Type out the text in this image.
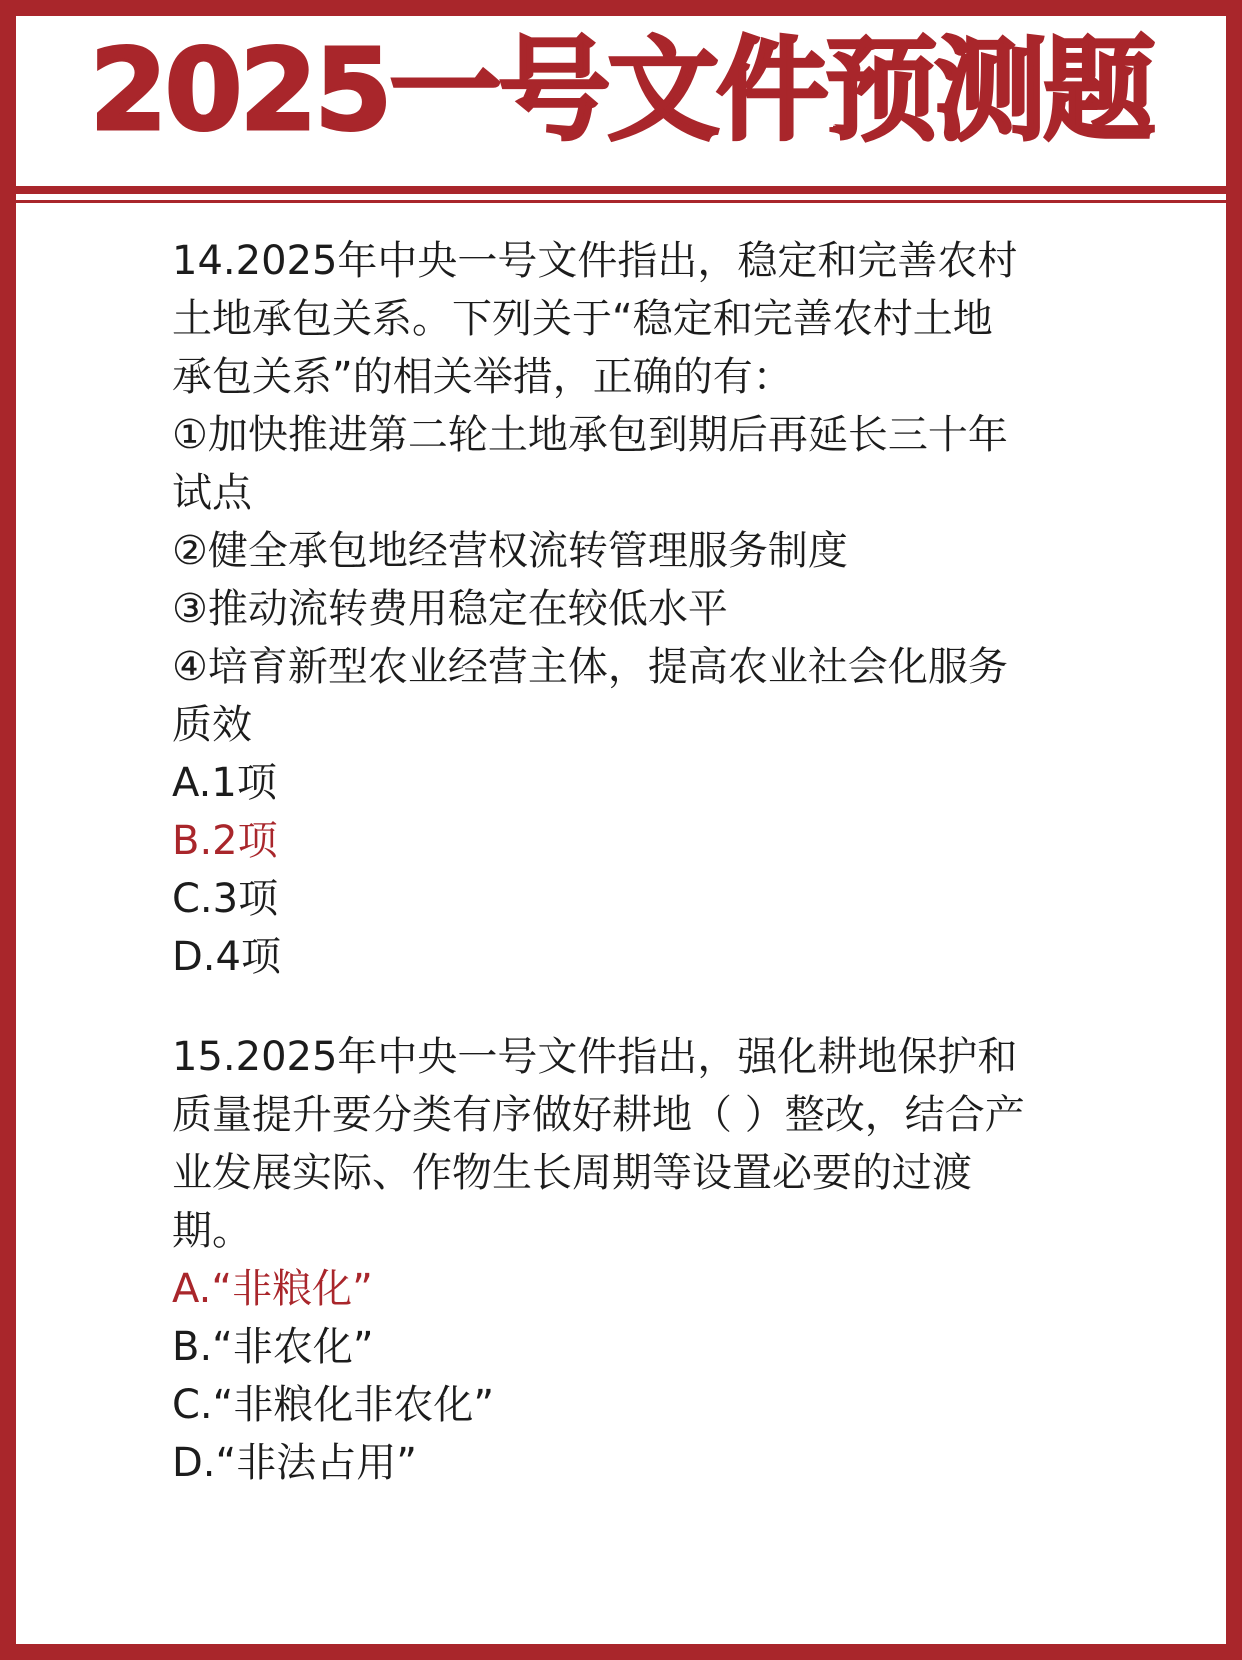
2025一号文件预测题
14.2025年中央一号文件指出，稳定和完善农村
土地承包关系。下列关于“稳定和完善农村土地
承包关系”的相关举措，正确的有：
①加快推进第二轮土地承包到期后再延长三十年
试点
②健全承包地经营权流转管理服务制度
③推动流转费用稳定在较低水平
④培育新型农业经营主体，提高农业社会化服务
质效
A.1项
B.2项
C.3项
D.4项
15.2025年中央一号文件指出，强化耕地保护和
质量提升要分类有序做好耕地（ ）整改，结合产
业发展实际、作物生长周期等设置必要的过渡
期。
A.“非粮化”
B.“非农化”
C.“非粮化非农化”
D.“非法占用”
